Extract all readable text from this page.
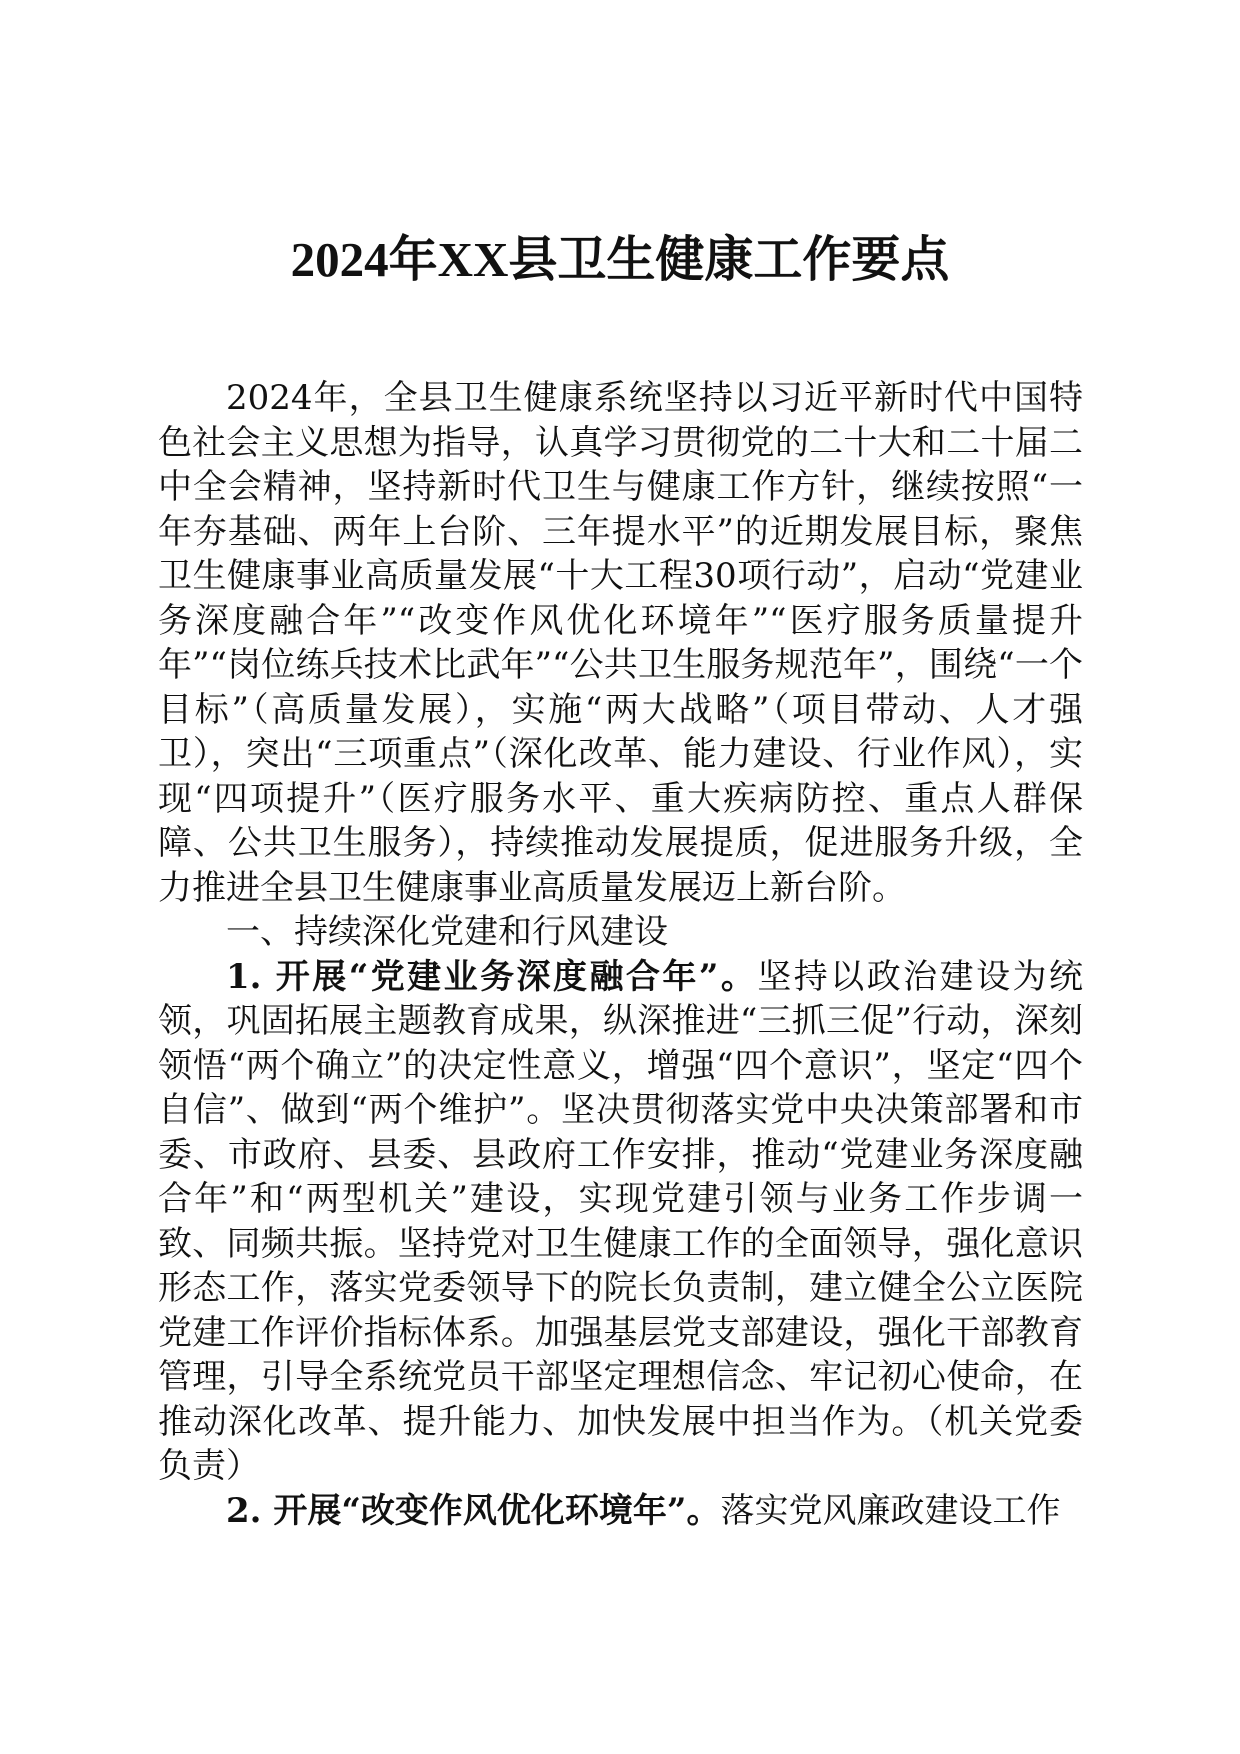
2024年XX县卫生健康工作要点

2024年，全县卫生健康系统坚持以习近平新时代中国特色社会主义思想为指导，认真学习贯彻党的二十大和二十届二中全会精神，坚持新时代卫生与健康工作方针，继续按照“一年夯基础、两年上台阶、三年提水平”的近期发展目标，聚焦卫生健康事业高质量发展“十大工程30项行动”，启动“党建业务深度融合年”“改变作风优化环境年”“医疗服务质量提升年”“岗位练兵技术比武年”“公共卫生服务规范年”，围绕“一个目标”（高质量发展），实施“两大战略”（项目带动、人才强卫），突出“三项重点”（深化改革、能力建设、行业作风），实现“四项提升”（医疗服务水平、重大疾病防控、重点人群保障、公共卫生服务），持续推动发展提质，促进服务升级，全力推进全县卫生健康事业高质量发展迈上新台阶。

一、持续深化党建和行风建设

1. 开展“党建业务深度融合年”。坚持以政治建设为统领，巩固拓展主题教育成果，纵深推进“三抓三促”行动，深刻领悟“两个确立”的决定性意义，增强“四个意识”，坚定“四个自信”、做到“两个维护”。坚决贯彻落实党中央决策部署和市委、市政府、县委、县政府工作安排，推动“党建业务深度融合年”和“两型机关”建设，实现党建引领与业务工作步调一致、同频共振。坚持党对卫生健康工作的全面领导，强化意识形态工作，落实党委领导下的院长负责制，建立健全公立医院党建工作评价指标体系。加强基层党支部建设，强化干部教育管理，引导全系统党员干部坚定理想信念、牢记初心使命，在推动深化改革、提升能力、加快发展中担当作为。（机关党委负责）

2. 开展“改变作风优化环境年”。落实党风廉政建设工作
